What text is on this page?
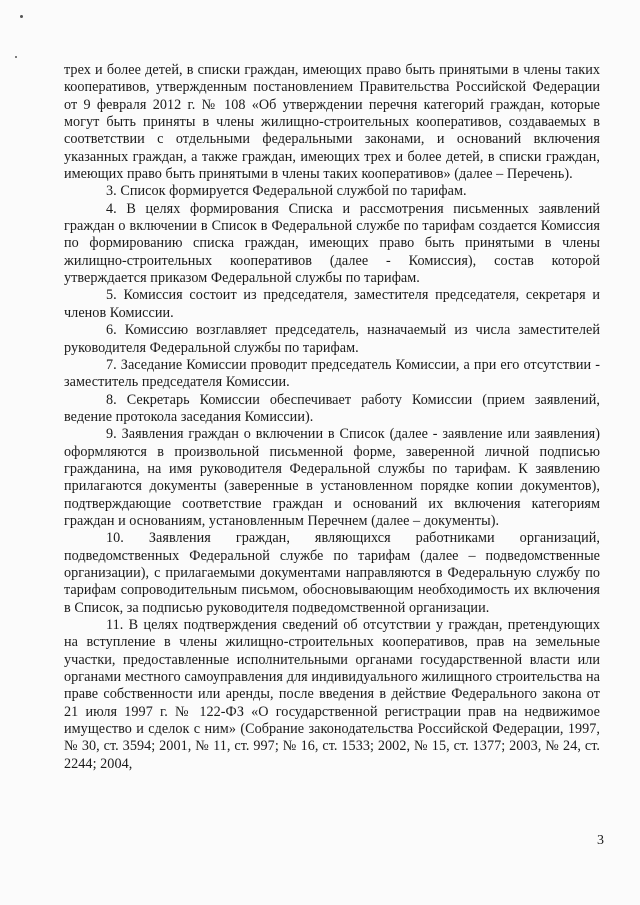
трех и более детей, в списки граждан, имеющих право быть принятыми в члены таких кооперативов, утвержденным постановлением Правительства Российской Федерации от 9 февраля 2012 г. № 108 «Об утверждении перечня категорий граждан, которые могут быть приняты в члены жилищно-строительных кооперативов, создаваемых в соответствии с отдельными федеральными законами, и оснований включения указанных граждан, а также граждан, имеющих трех и более детей, в списки граждан, имеющих право быть принятыми в члены таких кооперативов» (далее – Перечень).

3. Список формируется Федеральной службой по тарифам.

4. В целях формирования Списка и рассмотрения письменных заявлений граждан о включении в Список в Федеральной службе по тарифам создается Комиссия по формированию списка граждан, имеющих право быть принятыми в члены жилищно-строительных кооперативов (далее - Комиссия), состав которой утверждается приказом Федеральной службы по тарифам.

5. Комиссия состоит из председателя, заместителя председателя, секретаря и членов Комиссии.

6. Комиссию возглавляет председатель, назначаемый из числа заместителей руководителя Федеральной службы по тарифам.

7. Заседание Комиссии проводит председатель Комиссии, а при его отсутствии - заместитель председателя Комиссии.

8. Секретарь Комиссии обеспечивает работу Комиссии (прием заявлений, ведение протокола заседания Комиссии).

9. Заявления граждан о включении в Список (далее - заявление или заявления) оформляются в произвольной письменной форме, заверенной личной подписью гражданина, на имя руководителя Федеральной службы по тарифам. К заявлению прилагаются документы (заверенные в установленном порядке копии документов), подтверждающие соответствие граждан и оснований их включения категориям граждан и основаниям, установленным Перечнем (далее – документы).

10. Заявления граждан, являющихся работниками организаций, подведомственных Федеральной службе по тарифам (далее – подведомственные организации), с прилагаемыми документами направляются в Федеральную службу по тарифам сопроводительным письмом, обосновывающим необходимость их включения в Список, за подписью руководителя подведомственной организации.

11. В целях подтверждения сведений об отсутствии у граждан, претендующих на вступление в члены жилищно-строительных кооперативов, прав на земельные участки, предоставленные исполнительными органами государственной власти или органами местного самоуправления для индивидуального жилищного строительства на праве собственности или аренды, после введения в действие Федерального закона от 21 июля 1997 г. № 122-ФЗ «О государственной регистрации прав на недвижимое имущество и сделок с ним» (Собрание законодательства Российской Федерации, 1997, № 30, ст. 3594; 2001, № 11, ст. 997; № 16, ст. 1533; 2002, № 15, ст. 1377; 2003, № 24, ст. 2244; 2004,

3
